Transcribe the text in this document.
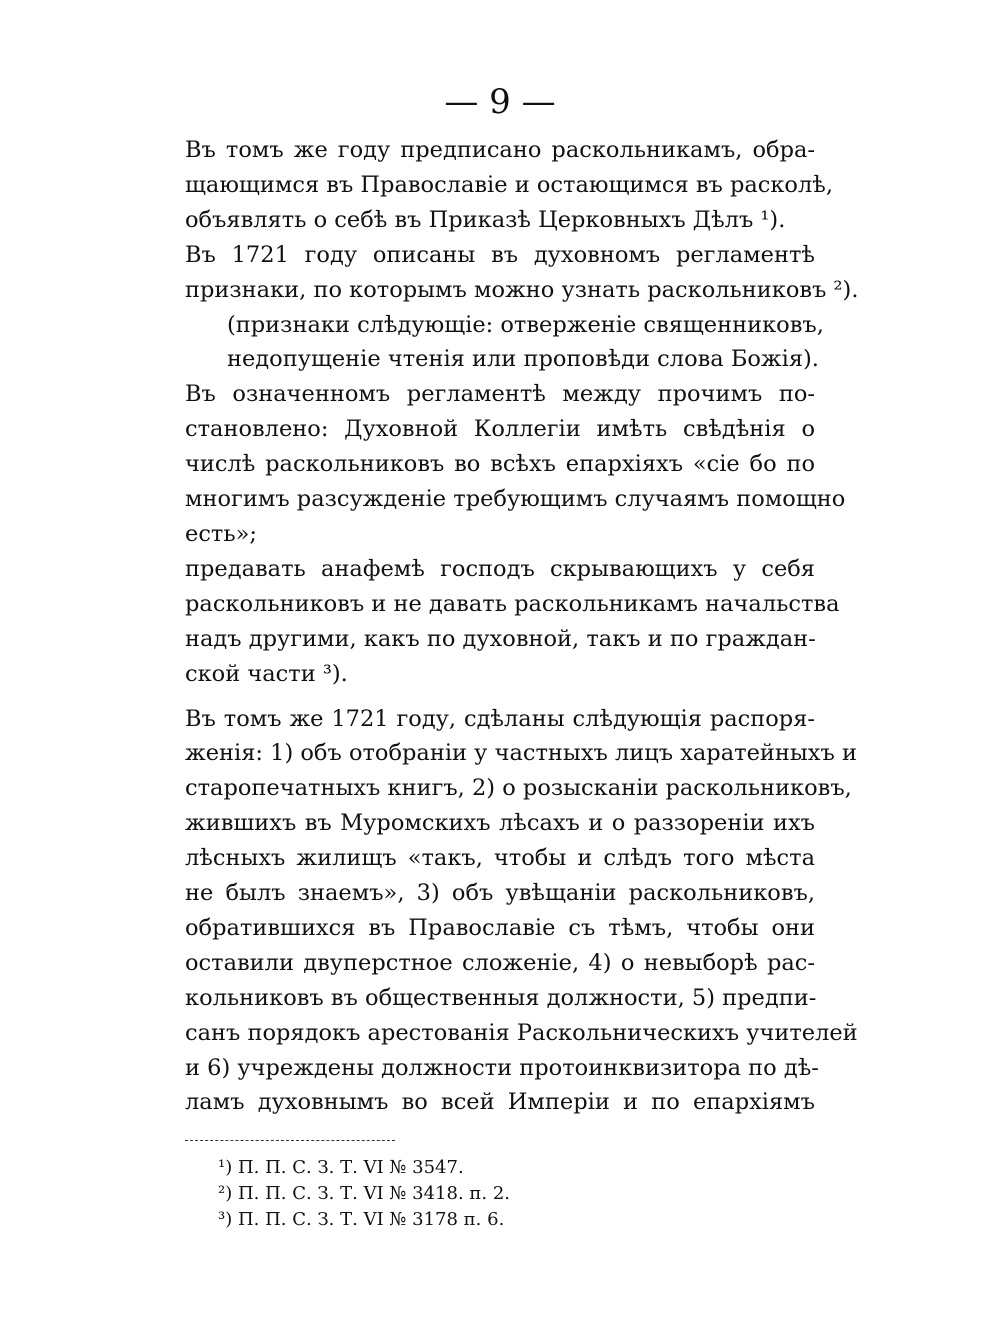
— 9 —
Въ томъ же году предписано раскольникамъ, обра-
щающимся въ Православіе и остающимся въ расколѣ,
объявлять о себѣ въ Приказѣ Церковныхъ Дѣлъ ¹).
Въ 1721 году описаны въ духовномъ регламентѣ
признаки, по которымъ можно узнать раскольниковъ ²).
(признаки слѣдующіе: отверженіе священниковъ,
недопущеніе чтенія или проповѣди слова Божія).
Въ означенномъ регламентѣ между прочимъ по-
становлено: Духовной Коллегіи имѣть свѣдѣнія о
числѣ раскольниковъ во всѣхъ епархіяхъ «сіе бо по
многимъ разсужденіе требующимъ случаямъ помощно
есть»;
предавать анафемѣ господъ скрывающихъ у себя
раскольниковъ и не давать раскольникамъ начальства
надъ другими, какъ по духовной, такъ и по граждан-
ской части ³).
Въ томъ же 1721 году, сдѣланы слѣдующія распоря-
женія: 1) объ отобраніи у частныхъ лицъ харатейныхъ и
старопечатныхъ книгъ, 2) о розысканіи раскольниковъ,
жившихъ въ Муромскихъ лѣсахъ и о раззореніи ихъ
лѣсныхъ жилищъ «такъ, чтобы и слѣдъ того мѣста
не былъ знаемъ», 3) объ увѣщаніи раскольниковъ,
обратившихся въ Православіе съ тѣмъ, чтобы они
оставили двуперстное сложеніе, 4) о невыборѣ рас-
кольниковъ въ общественныя должности, 5) предпи-
санъ порядокъ арестованія Раскольническихъ учителей
и 6) учреждены должности протоинквизитора по дѣ-
ламъ духовнымъ во всей Имперіи и по епархіямъ
¹) П. П. С. З. Т. VI № 3547.
²) П. П. С. З. Т. VI № 3418. п. 2.
³) П. П. С. З. Т. VI № 3178 п. 6.
